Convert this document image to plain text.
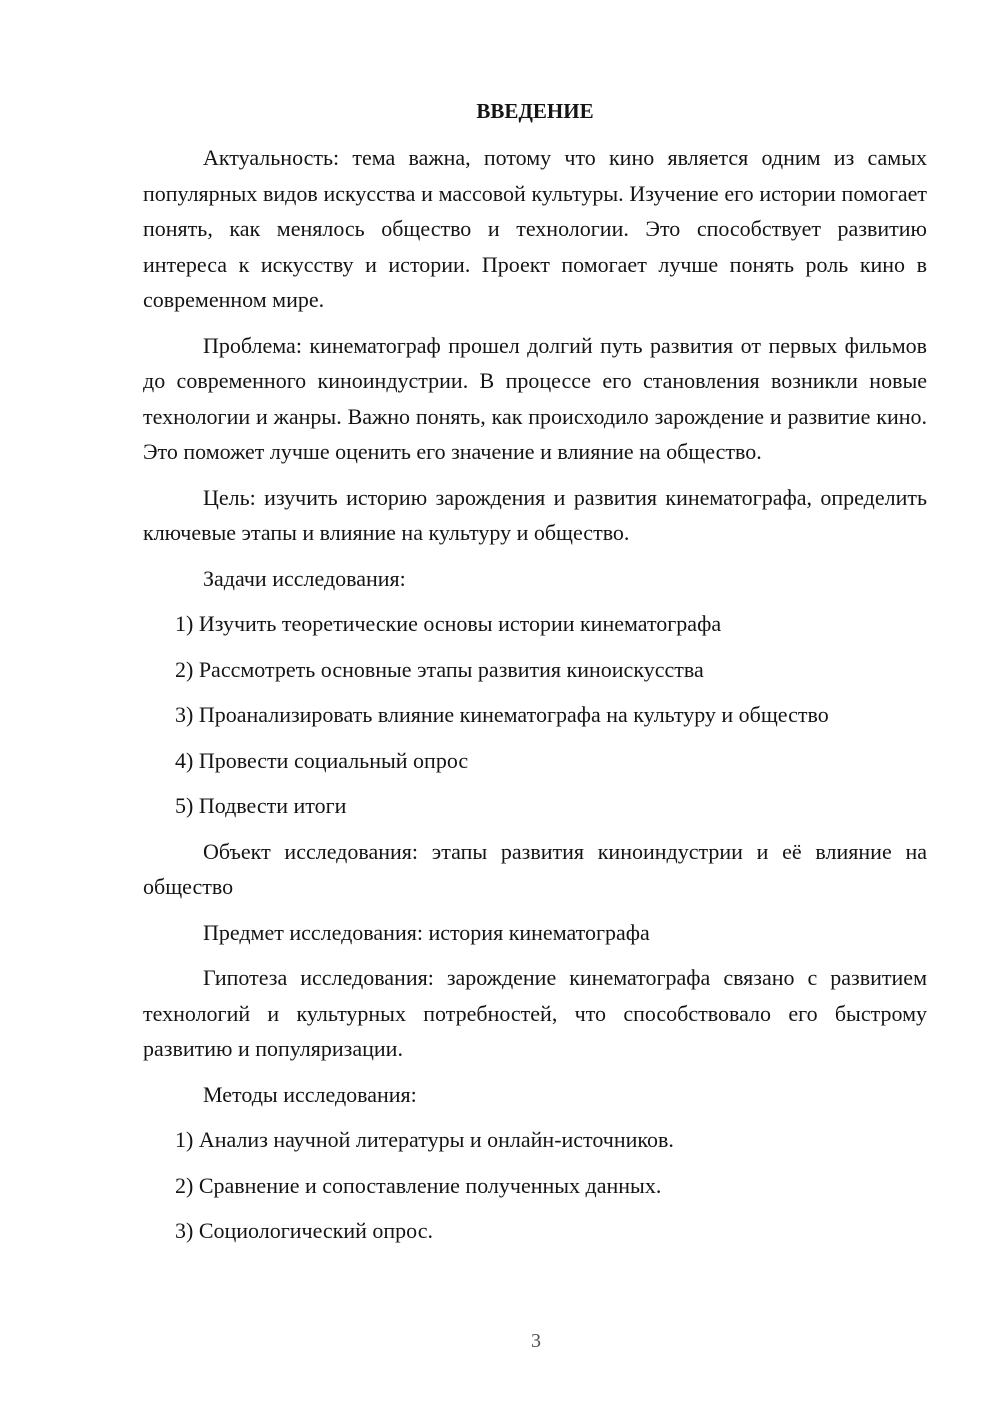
ВВЕДЕНИЕ

Актуальность: тема важна, потому что кино является одним из самых популярных видов искусства и массовой культуры. Изучение его истории помогает понять, как менялось общество и технологии. Это способствует развитию интереса к искусству и истории. Проект помогает лучше понять роль кино в современном мире.

Проблема: кинематограф прошел долгий путь развития от первых фильмов до современного киноиндустрии. В процессе его становления возникли новые технологии и жанры. Важно понять, как происходило зарождение и развитие кино. Это поможет лучше оценить его значение и влияние на общество.

Цель: изучить историю зарождения и развития кинематографа, определить ключевые этапы и влияние на культуру и общество.

Задачи исследования:

1) Изучить теоретические основы истории кинематографа
2) Рассмотреть основные этапы развития киноискусства
3) Проанализировать влияние кинематографа на культуру и общество
4) Провести социальный опрос
5) Подвести итоги

Объект исследования: этапы развития киноиндустрии и её влияние на общество

Предмет исследования: история кинематографа

Гипотеза исследования: зарождение кинематографа связано с развитием технологий и культурных потребностей, что способствовало его быстрому развитию и популяризации.

Методы исследования:

1) Анализ научной литературы и онлайн-источников.
2) Сравнение и сопоставление полученных данных.
3) Социологический опрос.
3
